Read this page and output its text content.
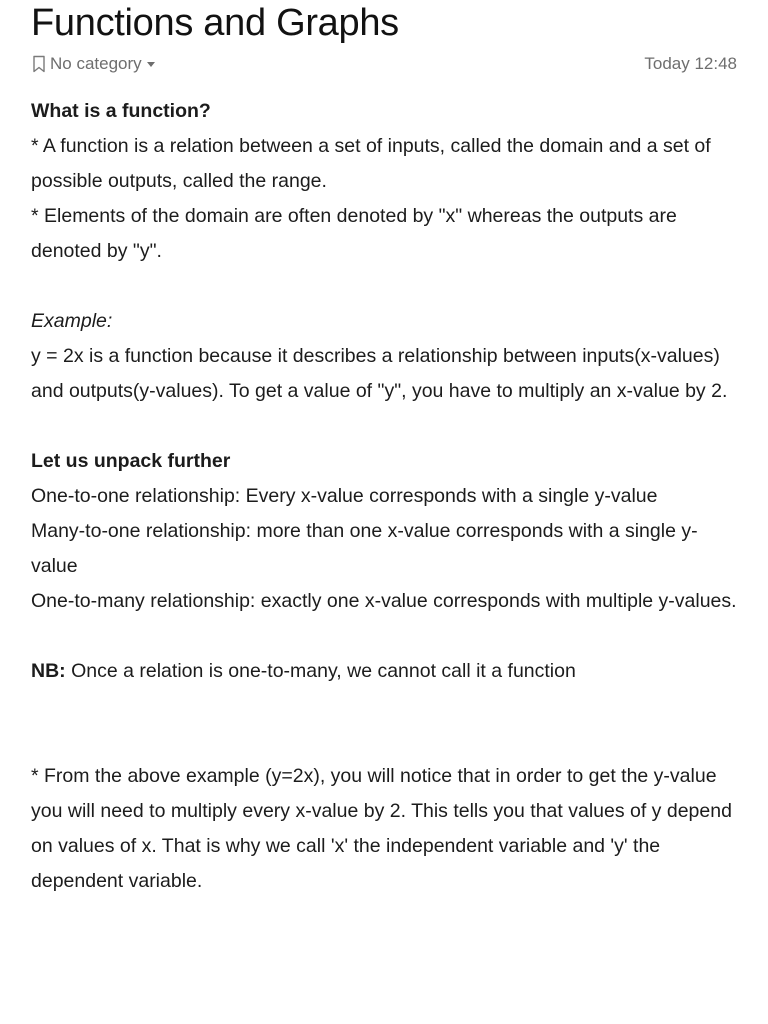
Functions and Graphs
No category	Today 12:48

What is a function?

* A function is a relation between a set of inputs, called the domain and a set of possible outputs, called the range.

* Elements of the domain are often denoted by "x" whereas the outputs are denoted by "y".

Example:

y = 2x is a function because it describes a relationship between inputs(x-values) and outputs(y-values). To get a value of "y", you have to multiply an x-value by 2.

Let us unpack further

One-to-one relationship: Every x-value corresponds with a single y-value

Many-to-one relationship: more than one x-value corresponds with a single y-value

One-to-many relationship: exactly one x-value corresponds with multiple y-values.

NB: Once a relation is one-to-many, we cannot call it a function

* From the above example (y=2x), you will notice that in order to get the y-value you will need to multiply every x-value by 2. This tells you that values of y depend on values of x. That is why we call 'x' the independent variable and 'y' the dependent variable.
